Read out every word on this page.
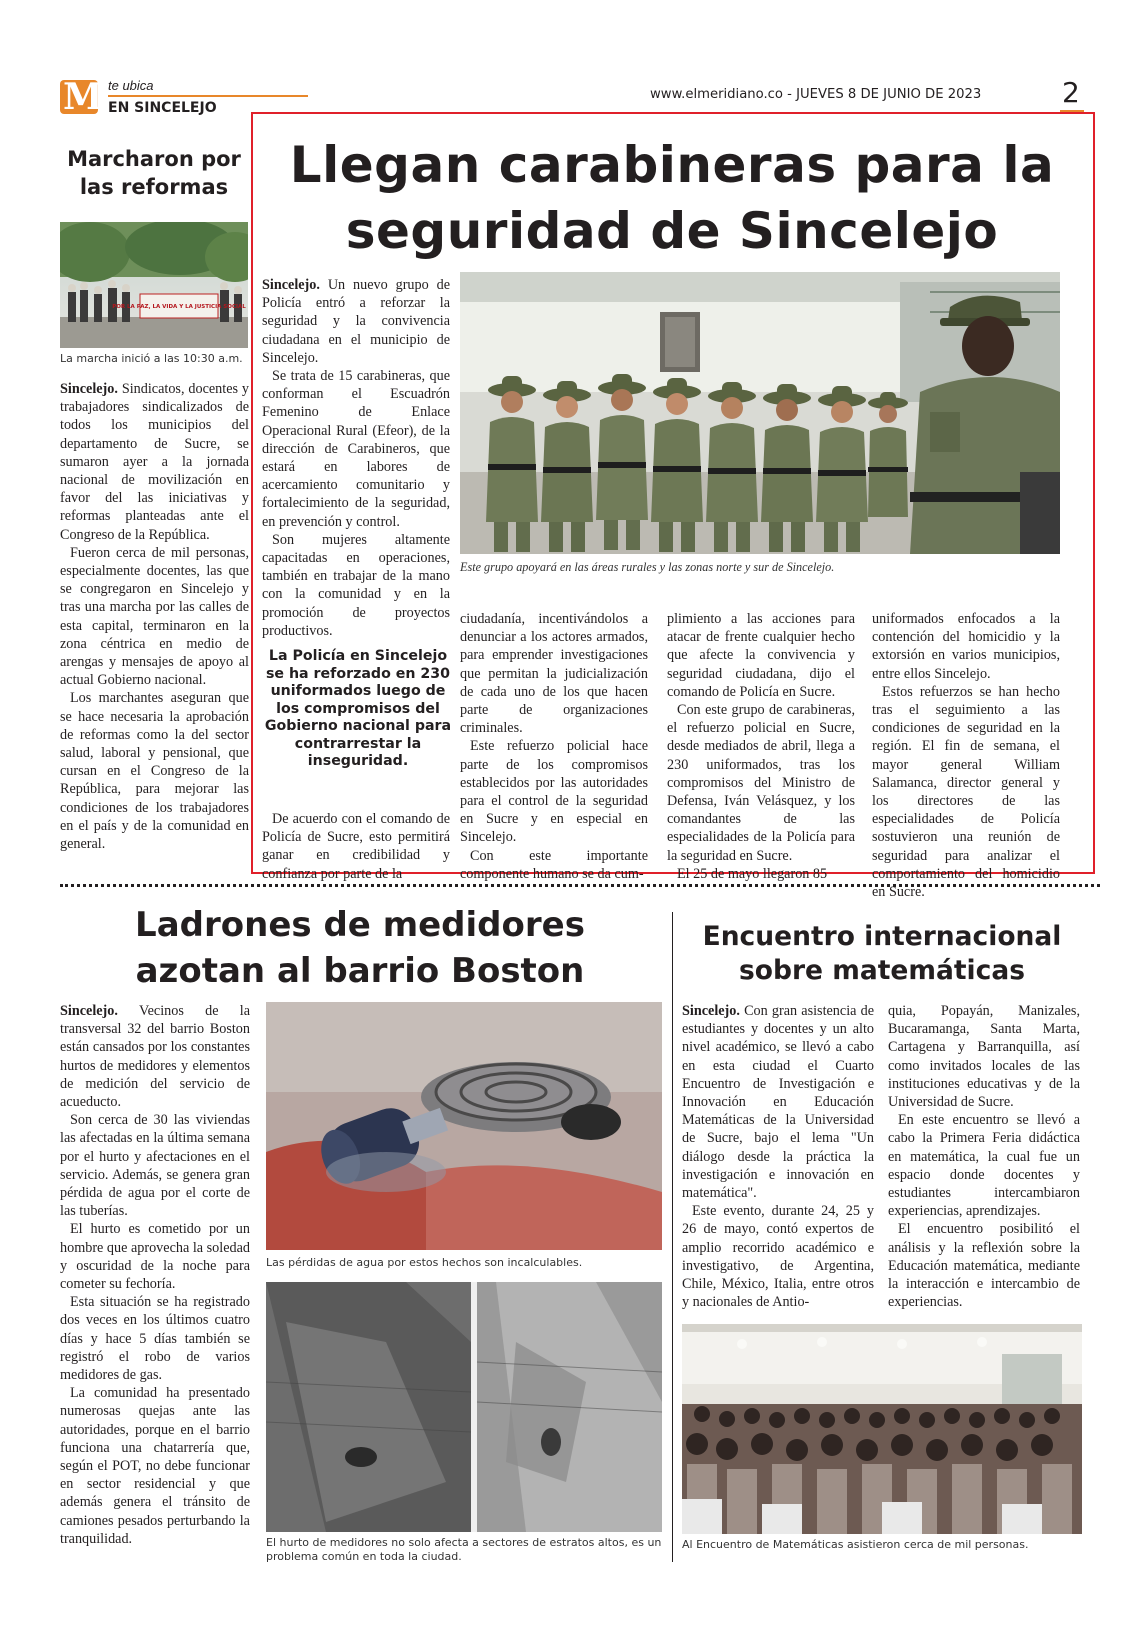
M te ubica
EN SINCELEJO
www.elmeridiano.co - JUEVES 8 DE JUNIO DE 2023	2
Marcharon por las reformas
POR LA PAZ, LA VIDA Y LA JUSTICIA SOCIAL
La marcha inició a las 10:30 a.m.

Sincelejo. Sindicatos, docentes y trabajadores sindicalizados de todos los municipios del departamento de Sucre, se sumaron ayer a la jornada nacional de movilización en favor del las iniciativas y reformas planteadas ante el Congreso de la República.

Fueron cerca de mil personas, especialmente docentes, las que se congregaron en Sincelejo y tras una marcha por las calles de esta capital, terminaron en la zona céntrica en medio de arengas y mensajes de apoyo al actual Gobierno nacional.

Los marchantes aseguran que se hace necesaria la aprobación de reformas como la del sector salud, laboral y pensional, que cursan en el Congreso de la República, para mejorar las condiciones de los trabajadores en el país y de la comunidad en general.

Llegan carabineras para la seguridad de Sincelejo
Este grupo apoyará en las áreas rurales y las zonas norte y sur de Sincelejo.

Sincelejo. Un nuevo grupo de Policía entró a reforzar la seguridad y la convivencia ciudadana en el municipio de Sincelejo.

Se trata de 15 carabineras, que conforman el Escuadrón Femenino de Enlace Operacional Rural (Efeor), de la dirección de Carabineros, que estará en labores de acercamiento comunitario y fortalecimiento de la seguridad, en prevención y control.

Son mujeres altamente capacitadas en operaciones, también en trabajar de la mano con la comunidad y en la promoción de proyectos productivos.

La Policía en Sincelejo se ha reforzado en 230 uniformados luego de los compromisos del Gobierno nacional para contrarrestar la inseguridad.

De acuerdo con el comando de Policía de Sucre, esto permitirá ganar en credibilidad y confianza por parte de la

ciudadanía, incentivándolos a denunciar a los actores armados, para emprender investigaciones que permitan la judicialización de cada uno de los que hacen parte de organizaciones criminales.

Este refuerzo policial hace parte de los compromisos establecidos por las autoridades para el control de la seguridad en Sucre y en especial en Sincelejo.

Con este importante componente humano se da cum-

plimiento a las acciones para atacar de frente cualquier hecho que afecte la convivencia y seguridad ciudadana, dijo el comando de Policía en Sucre.

Con este grupo de carabineras, el refuerzo policial en Sucre, desde mediados de abril, llega a 230 uniformados, tras los compromisos del Ministro de Defensa, Iván Velásquez, y los comandantes de las especialidades de la Policía para la seguridad en Sucre.

El 25 de mayo llegaron 85

uniformados enfocados a la contención del homicidio y la extorsión en varios municipios, entre ellos Sincelejo.

Estos refuerzos se han hecho tras el seguimiento a las condiciones de seguridad en la región. El fin de semana, el mayor general William Salamanca, director general y los directores de las especialidades de Policía sostuvieron una reunión de seguridad para analizar el comportamiento del homicidio en Sucre.

Ladrones de medidores azotan al barrio Boston

Sincelejo. Vecinos de la transversal 32 del barrio Boston están cansados por los constantes hurtos de medidores y elementos de medición del servicio de acueducto.

Son cerca de 30 las viviendas las afectadas en la última semana por el hurto y afectaciones en el servicio. Además, se genera gran pérdida de agua por el corte de las tuberías.

El hurto es cometido por un hombre que aprovecha la soledad y oscuridad de la noche para cometer su fechoría.

Esta situación se ha registrado dos veces en los últimos cuatro días y hace 5 días también se registró el robo de varios medidores de gas.

La comunidad ha presentado numerosas quejas ante las autoridades, porque en el barrio funciona una chatarrería que, según el POT, no debe funcionar en sector residencial y que además genera el tránsito de camiones pesados perturbando la tranquilidad.

Las pérdidas de agua por estos hechos son incalculables.
El hurto de medidores no solo afecta a sectores de estratos altos, es un problema común en toda la ciudad.
Encuentro internacional sobre matemáticas

Sincelejo. Con gran asistencia de estudiantes y docentes y un alto nivel académico, se llevó a cabo en esta ciudad el Cuarto Encuentro de Investigación e Innovación en Educación Matemáticas de la Universidad de Sucre, bajo el lema "Un diálogo desde la práctica la investigación e innovación en matemática".

Este evento, durante 24, 25 y 26 de mayo, contó expertos de amplio recorrido académico e investigativo, de Argentina, Chile, México, Italia, entre otros y nacionales de Antio-

quia, Popayán, Manizales, Bucaramanga, Santa Marta, Cartagena y Barranquilla, así como invitados locales de las instituciones educativas y de la Universidad de Sucre.

En este encuentro se llevó a cabo la Primera Feria didáctica en matemática, la cual fue un espacio donde docentes y estudiantes intercambiaron experiencias, aprendizajes.

El encuentro posibilitó el análisis y la reflexión sobre la Educación matemática, mediante la interacción e intercambio de experiencias.

Al Encuentro de Matemáticas asistieron cerca de mil personas.
